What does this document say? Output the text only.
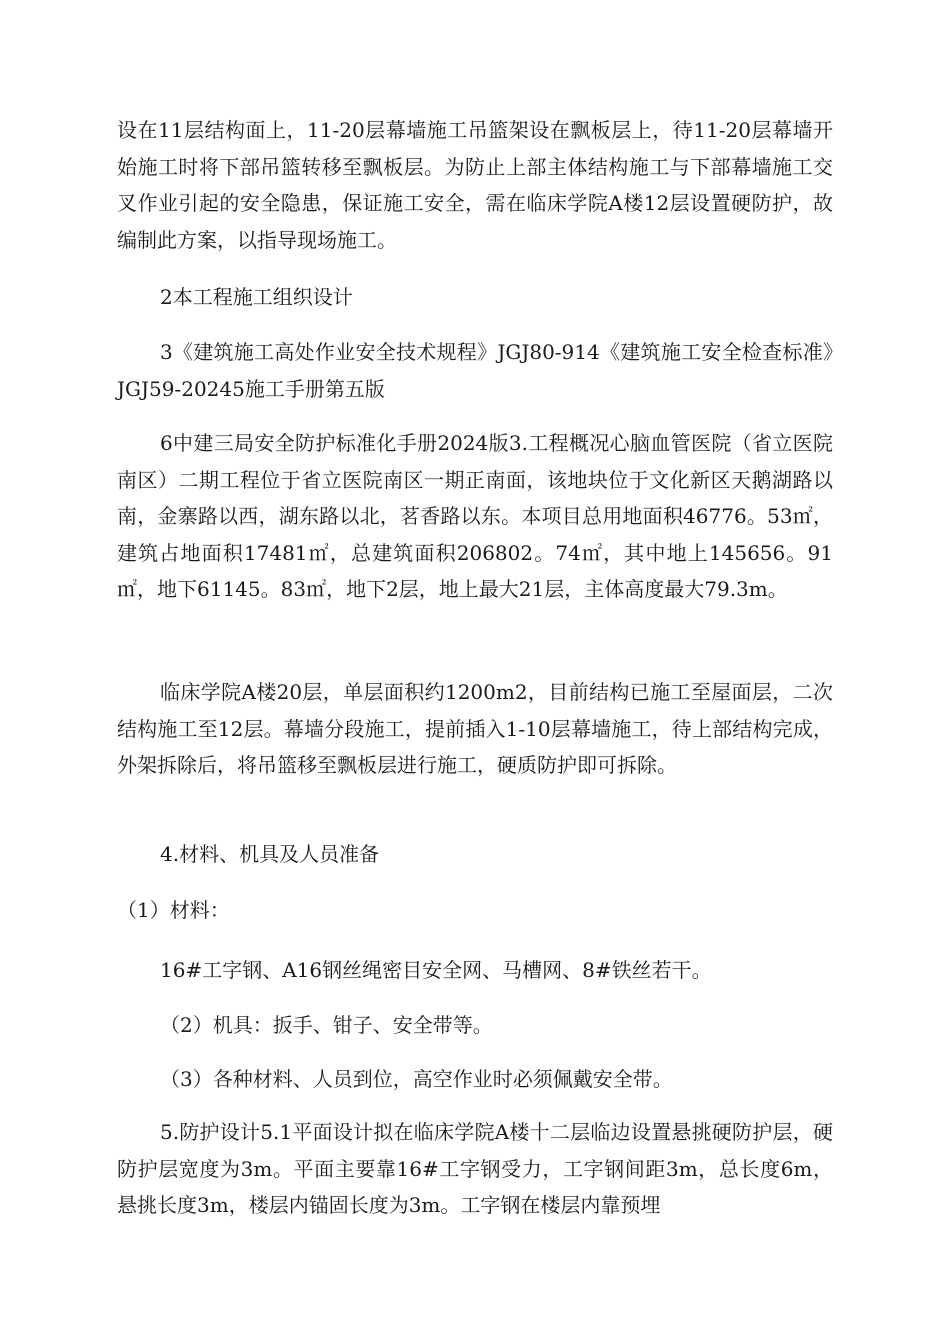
设在11层结构面上，11-20层幕墙施工吊篮架设在飘板层上，待11-20层幕墙开始施工时将下部吊篮转移至飘板层。为防止上部主体结构施工与下部幕墙施工交叉作业引起的安全隐患，保证施工安全，需在临床学院A楼12层设置硬防护，故编制此方案，以指导现场施工。

2本工程施工组织设计

3《建筑施工高处作业安全技术规程》JGJ80-914《建筑施工安全检查标准》JGJ59-20245施工手册第五版

6中建三局安全防护标准化手册2024版3.工程概况心脑血管医院（省立医院南区）二期工程位于省立医院南区一期正南面，该地块位于文化新区天鹅湖路以南，金寨路以西，湖东路以北，茗香路以东。本项目总用地面积46776。53㎡，建筑占地面积17481㎡，总建筑面积206802。74㎡，其中地上145656。91㎡，地下61145。83㎡，地下2层，地上最大21层，主体高度最大79.3m。

临床学院A楼20层，单层面积约1200m2，目前结构已施工至屋面层，二次结构施工至12层。幕墙分段施工，提前插入1-10层幕墙施工，待上部结构完成，外架拆除后，将吊篮移至飘板层进行施工，硬质防护即可拆除。

4.材料、机具及人员准备

（1）材料：

16#工字钢、A16钢丝绳密目安全网、马槽网、8#铁丝若干。

（2）机具：扳手、钳子、安全带等。

（3）各种材料、人员到位，高空作业时必须佩戴安全带。

5.防护设计5.1平面设计拟在临床学院A楼十二层临边设置悬挑硬防护层，硬防护层宽度为3m。平面主要靠16#工字钢受力，工字钢间距3m，总长度6m，悬挑长度3m，楼层内锚固长度为3m。工字钢在楼层内靠预埋
